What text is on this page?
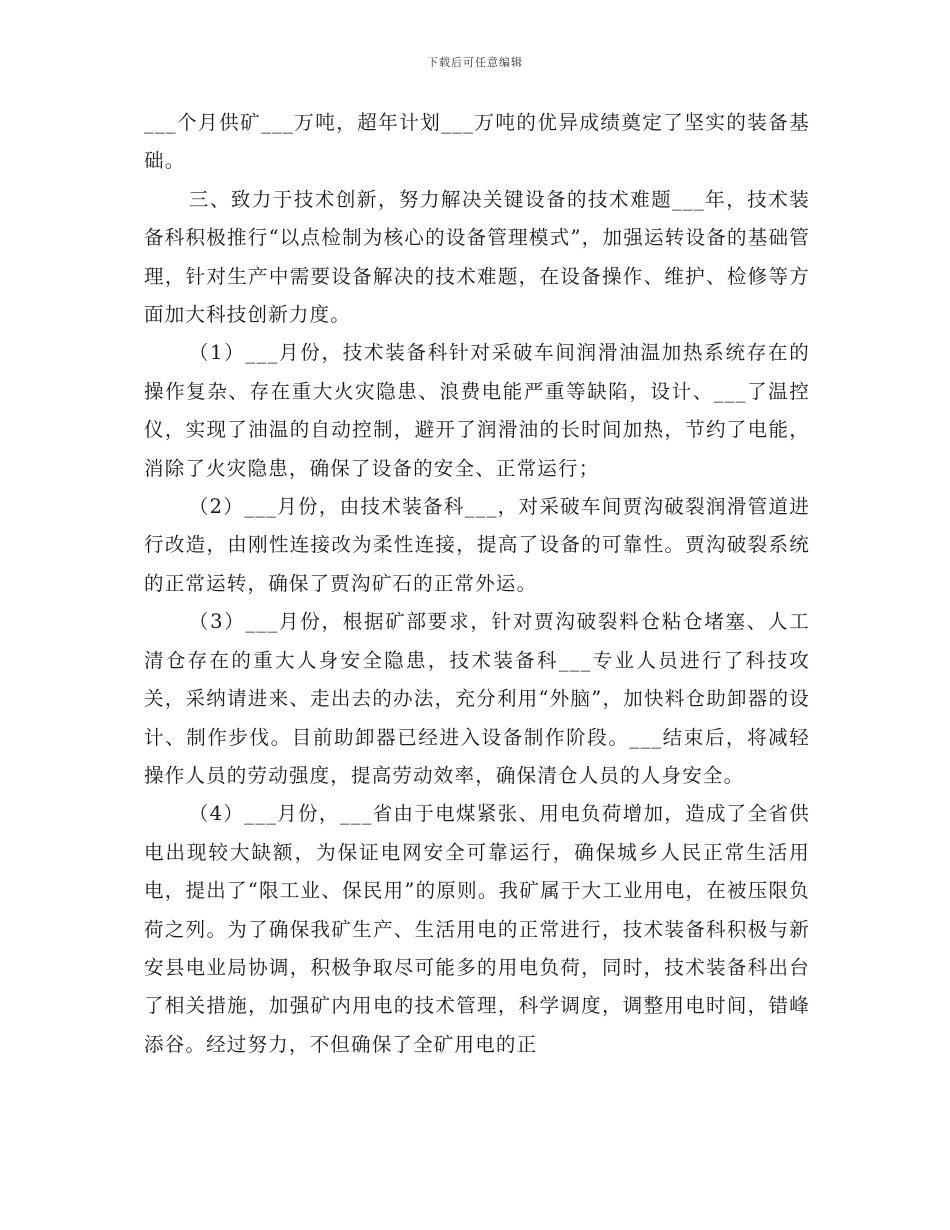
下载后可任意编辑

___个月供矿___万吨，超年计划___万吨的优异成绩奠定了坚实的装备基础。

三、致力于技术创新，努力解决关键设备的技术难题___年，技术装备科积极推行“以点检制为核心的设备管理模式”，加强运转设备的基础管理，针对生产中需要设备解决的技术难题，在设备操作、维护、检修等方面加大科技创新力度。

（1）___月份，技术装备科针对采破车间润滑油温加热系统存在的操作复杂、存在重大火灾隐患、浪费电能严重等缺陷，设计、___了温控仪，实现了油温的自动控制，避开了润滑油的长时间加热，节约了电能，消除了火灾隐患，确保了设备的安全、正常运行；

（2）___月份，由技术装备科___，对采破车间贾沟破裂润滑管道进行改造，由刚性连接改为柔性连接，提高了设备的可靠性。贾沟破裂系统的正常运转，确保了贾沟矿石的正常外运。

（3）___月份，根据矿部要求，针对贾沟破裂料仓粘仓堵塞、人工清仓存在的重大人身安全隐患，技术装备科___专业人员进行了科技攻关，采纳请进来、走出去的办法，充分利用“外脑”，加快料仓助卸器的设计、制作步伐。目前助卸器已经进入设备制作阶段。___结束后，将减轻操作人员的劳动强度，提高劳动效率，确保清仓人员的人身安全。

（4）___月份，___省由于电煤紧张、用电负荷增加，造成了全省供电出现较大缺额，为保证电网安全可靠运行，确保城乡人民正常生活用电，提出了“限工业、保民用”的原则。我矿属于大工业用电，在被压限负荷之列。为了确保我矿生产、生活用电的正常进行，技术装备科积极与新安县电业局协调，积极争取尽可能多的用电负荷，同时，技术装备科出台了相关措施，加强矿内用电的技术管理，科学调度，调整用电时间，错峰添谷。经过努力，不但确保了全矿用电的正
